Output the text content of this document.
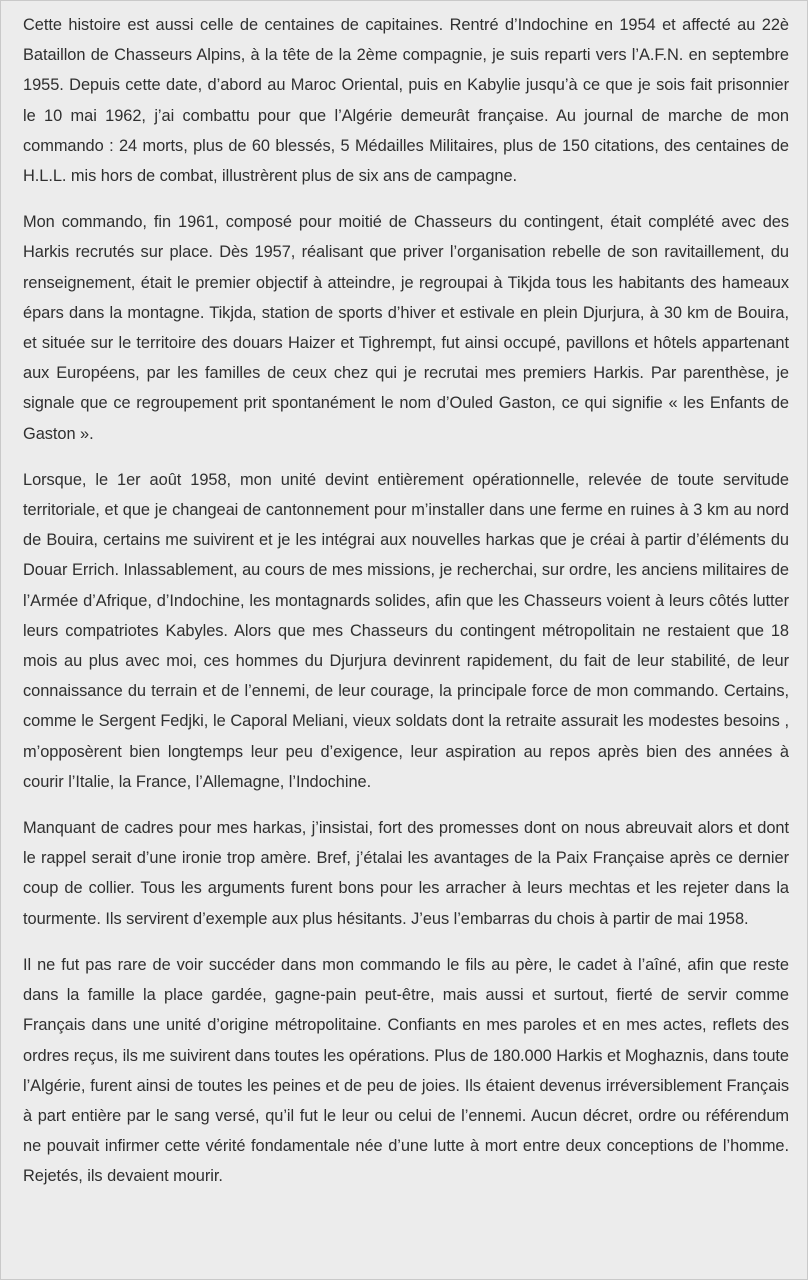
Cette histoire est aussi celle de centaines de capitaines. Rentré d’Indochine en 1954 et affecté au 22è Bataillon de Chasseurs Alpins, à la tête de la 2ème compagnie, je suis reparti vers l’A.F.N. en septembre 1955. Depuis cette date, d’abord au Maroc Oriental, puis en Kabylie jusqu’à ce que je sois fait prisonnier le 10 mai 1962, j’ai combattu pour que l’Algérie demeurât française. Au journal de marche de mon commando : 24 morts, plus de 60 blessés, 5 Médailles Militaires, plus de 150 citations, des centaines de H.L.L. mis hors de combat, illustrèrent plus de six ans de campagne.

Mon commando, fin 1961, composé pour moitié de Chasseurs du contingent, était complété avec des Harkis recrutés sur place. Dès 1957, réalisant que priver l’organisation rebelle de son ravitaillement, du renseignement, était le premier objectif à atteindre, je regroupai à Tikjda tous les habitants des hameaux épars dans la montagne. Tikjda, station de sports d’hiver et estivale en plein Djurjura, à 30 km de Bouira, et située sur le territoire des douars Haizer et Tighrempt, fut ainsi occupé, pavillons et hôtels appartenant aux Européens, par les familles de ceux chez qui je recrutai mes premiers Harkis. Par parenthèse, je signale que ce regroupement prit spontanément le nom d’Ouled Gaston, ce qui signifie « les Enfants de Gaston ».

Lorsque, le 1er août 1958, mon unité devint entièrement opérationnelle, relevée de toute servitude territoriale, et que je changeai de cantonnement pour m’installer dans une ferme en ruines à 3 km au nord de Bouira, certains me suivirent et je les intégrai aux nouvelles harkas que je créai à partir d’éléments du Douar Errich. Inlassablement, au cours de mes missions, je recherchai, sur ordre, les anciens militaires de l’Armée d’Afrique, d’Indochine, les montagnards solides, afin que les Chasseurs voient à leurs côtés lutter leurs compatriotes Kabyles. Alors que mes Chasseurs du contingent métropolitain ne restaient que 18 mois au plus avec moi, ces hommes du Djurjura devinrent rapidement, du fait de leur stabilité, de leur connaissance du terrain et de l’ennemi, de leur courage, la principale force de mon commando. Certains, comme le Sergent Fedjki, le Caporal Meliani, vieux soldats dont la retraite assurait les modestes besoins , m’opposèrent bien longtemps leur peu d’exigence, leur aspiration au repos après bien des années à courir l’Italie, la France, l’Allemagne, l’Indochine.

Manquant de cadres pour mes harkas, j’insistai, fort des promesses dont on nous abreuvait alors et dont le rappel serait d’une ironie trop amère. Bref, j’étalai les avantages de la Paix Française après ce dernier coup de collier. Tous les arguments furent bons pour les arracher à leurs mechtas et les rejeter dans la tourmente. Ils servirent d’exemple aux plus hésitants. J’eus l’embarras du chois à partir de mai 1958.

Il ne fut pas rare de voir succéder dans mon commando le fils au père, le cadet à l’aîné, afin que reste dans la famille la place gardée, gagne-pain peut-être, mais aussi et surtout, fierté de servir comme Français dans une unité d’origine métropolitaine. Confiants en mes paroles et en mes actes, reflets des ordres reçus, ils me suivirent dans toutes les opérations. Plus de 180.000 Harkis et Moghaznis, dans toute l’Algérie, furent ainsi de toutes les peines et de peu de joies. Ils étaient devenus irréversiblement Français à part entière par le sang versé, qu’il fut le leur ou celui de l’ennemi. Aucun décret, ordre ou référendum ne pouvait infirmer cette vérité fondamentale née d’une lutte à mort entre deux conceptions de l’homme. Rejetés, ils devaient mourir.
